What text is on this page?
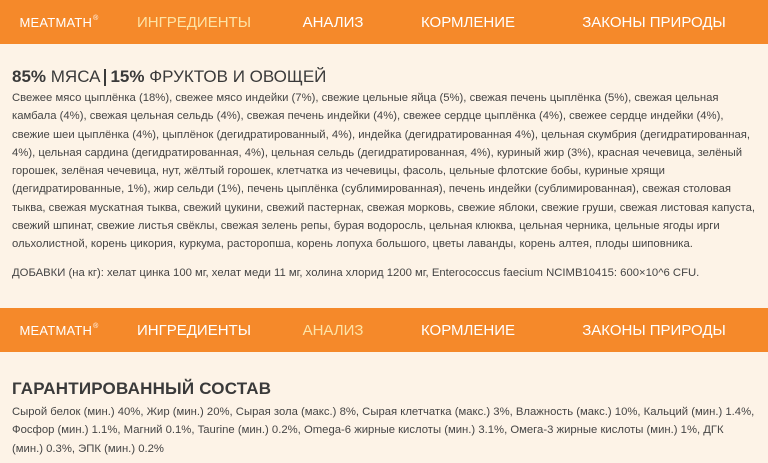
MEATMATH®	ИНГРЕДИЕНТЫ	АНАЛИЗ	КОРМЛЕНИЕ	ЗАКОНЫ ПРИРОДЫ
85%
МЯСА 15%
ФРУКТОВ И ОВОЩЕЙ

Свежее мясо цыплёнка (18%), свежее мясо индейки (7%), свежие цельные яйца (5%), свежая печень цыплёнка (5%), свежая цельная камбала (4%), свежая цельная сельдь (4%), свежая печень индейки (4%), свежее сердце цыплёнка (4%), свежее сердце индейки (4%), свежие шеи цыплёнка (4%), цыплёнок (дегидратированный, 4%), индейка (дегидратированная 4%), цельная скумбрия (дегидратированная, 4%), цельная сардина (дегидратированная, 4%), цельная сельдь (дегидратированная, 4%), куриный жир (3%), красная чечевица, зелёный горошек, зелёная чечевица, нут, жёлтый горошек, клетчатка из чечевицы, фасоль, цельные флотские бобы, куриные хрящи (дегидратированные, 1%), жир сельди (1%), печень цыплёнка (сублимированная), печень индейки (сублимированная), свежая столовая тыква, свежая мускатная тыква, свежий цукини, свежий пастернак, свежая морковь, свежие яблоки, свежие груши, свежая листовая капуста, свежий шпинат, свежие листья свёклы, свежая зелень репы, бурая водоросль, цельная клюква, цельная черника, цельные ягоды ирги ольхолистной, корень цикория, куркума, расторопша, корень лопуха большого, цветы лаванды, корень алтея, плоды шиповника.

ДОБАВКИ (на кг): хелат цинка 100 мг, хелат меди 11 мг, холина хлорид 1200 мг, Enterococcus faecium NCIMB10415: 600×10^6 CFU.

MEATMATH®	ИНГРЕДИЕНТЫ	АНАЛИЗ	КОРМЛЕНИЕ	ЗАКОНЫ ПРИРОДЫ
ГАРАНТИРОВАННЫЙ СОСТАВ

Сырой белок (мин.) 40%, Жир (мин.) 20%, Сырая зола (макс.) 8%, Сырая клетчатка (макс.) 3%, Влажность (макс.) 10%, Кальций (мин.) 1.4%, Фосфор (мин.) 1.1%, Магний 0.1%, Taurine (мин.) 0.2%, Omega-6 жирные кислоты (мин.) 3.1%, Омега-3 жирные кислоты (мин.) 1%, ДГК (мин.) 0.3%, ЭПК (мин.) 0.2%
